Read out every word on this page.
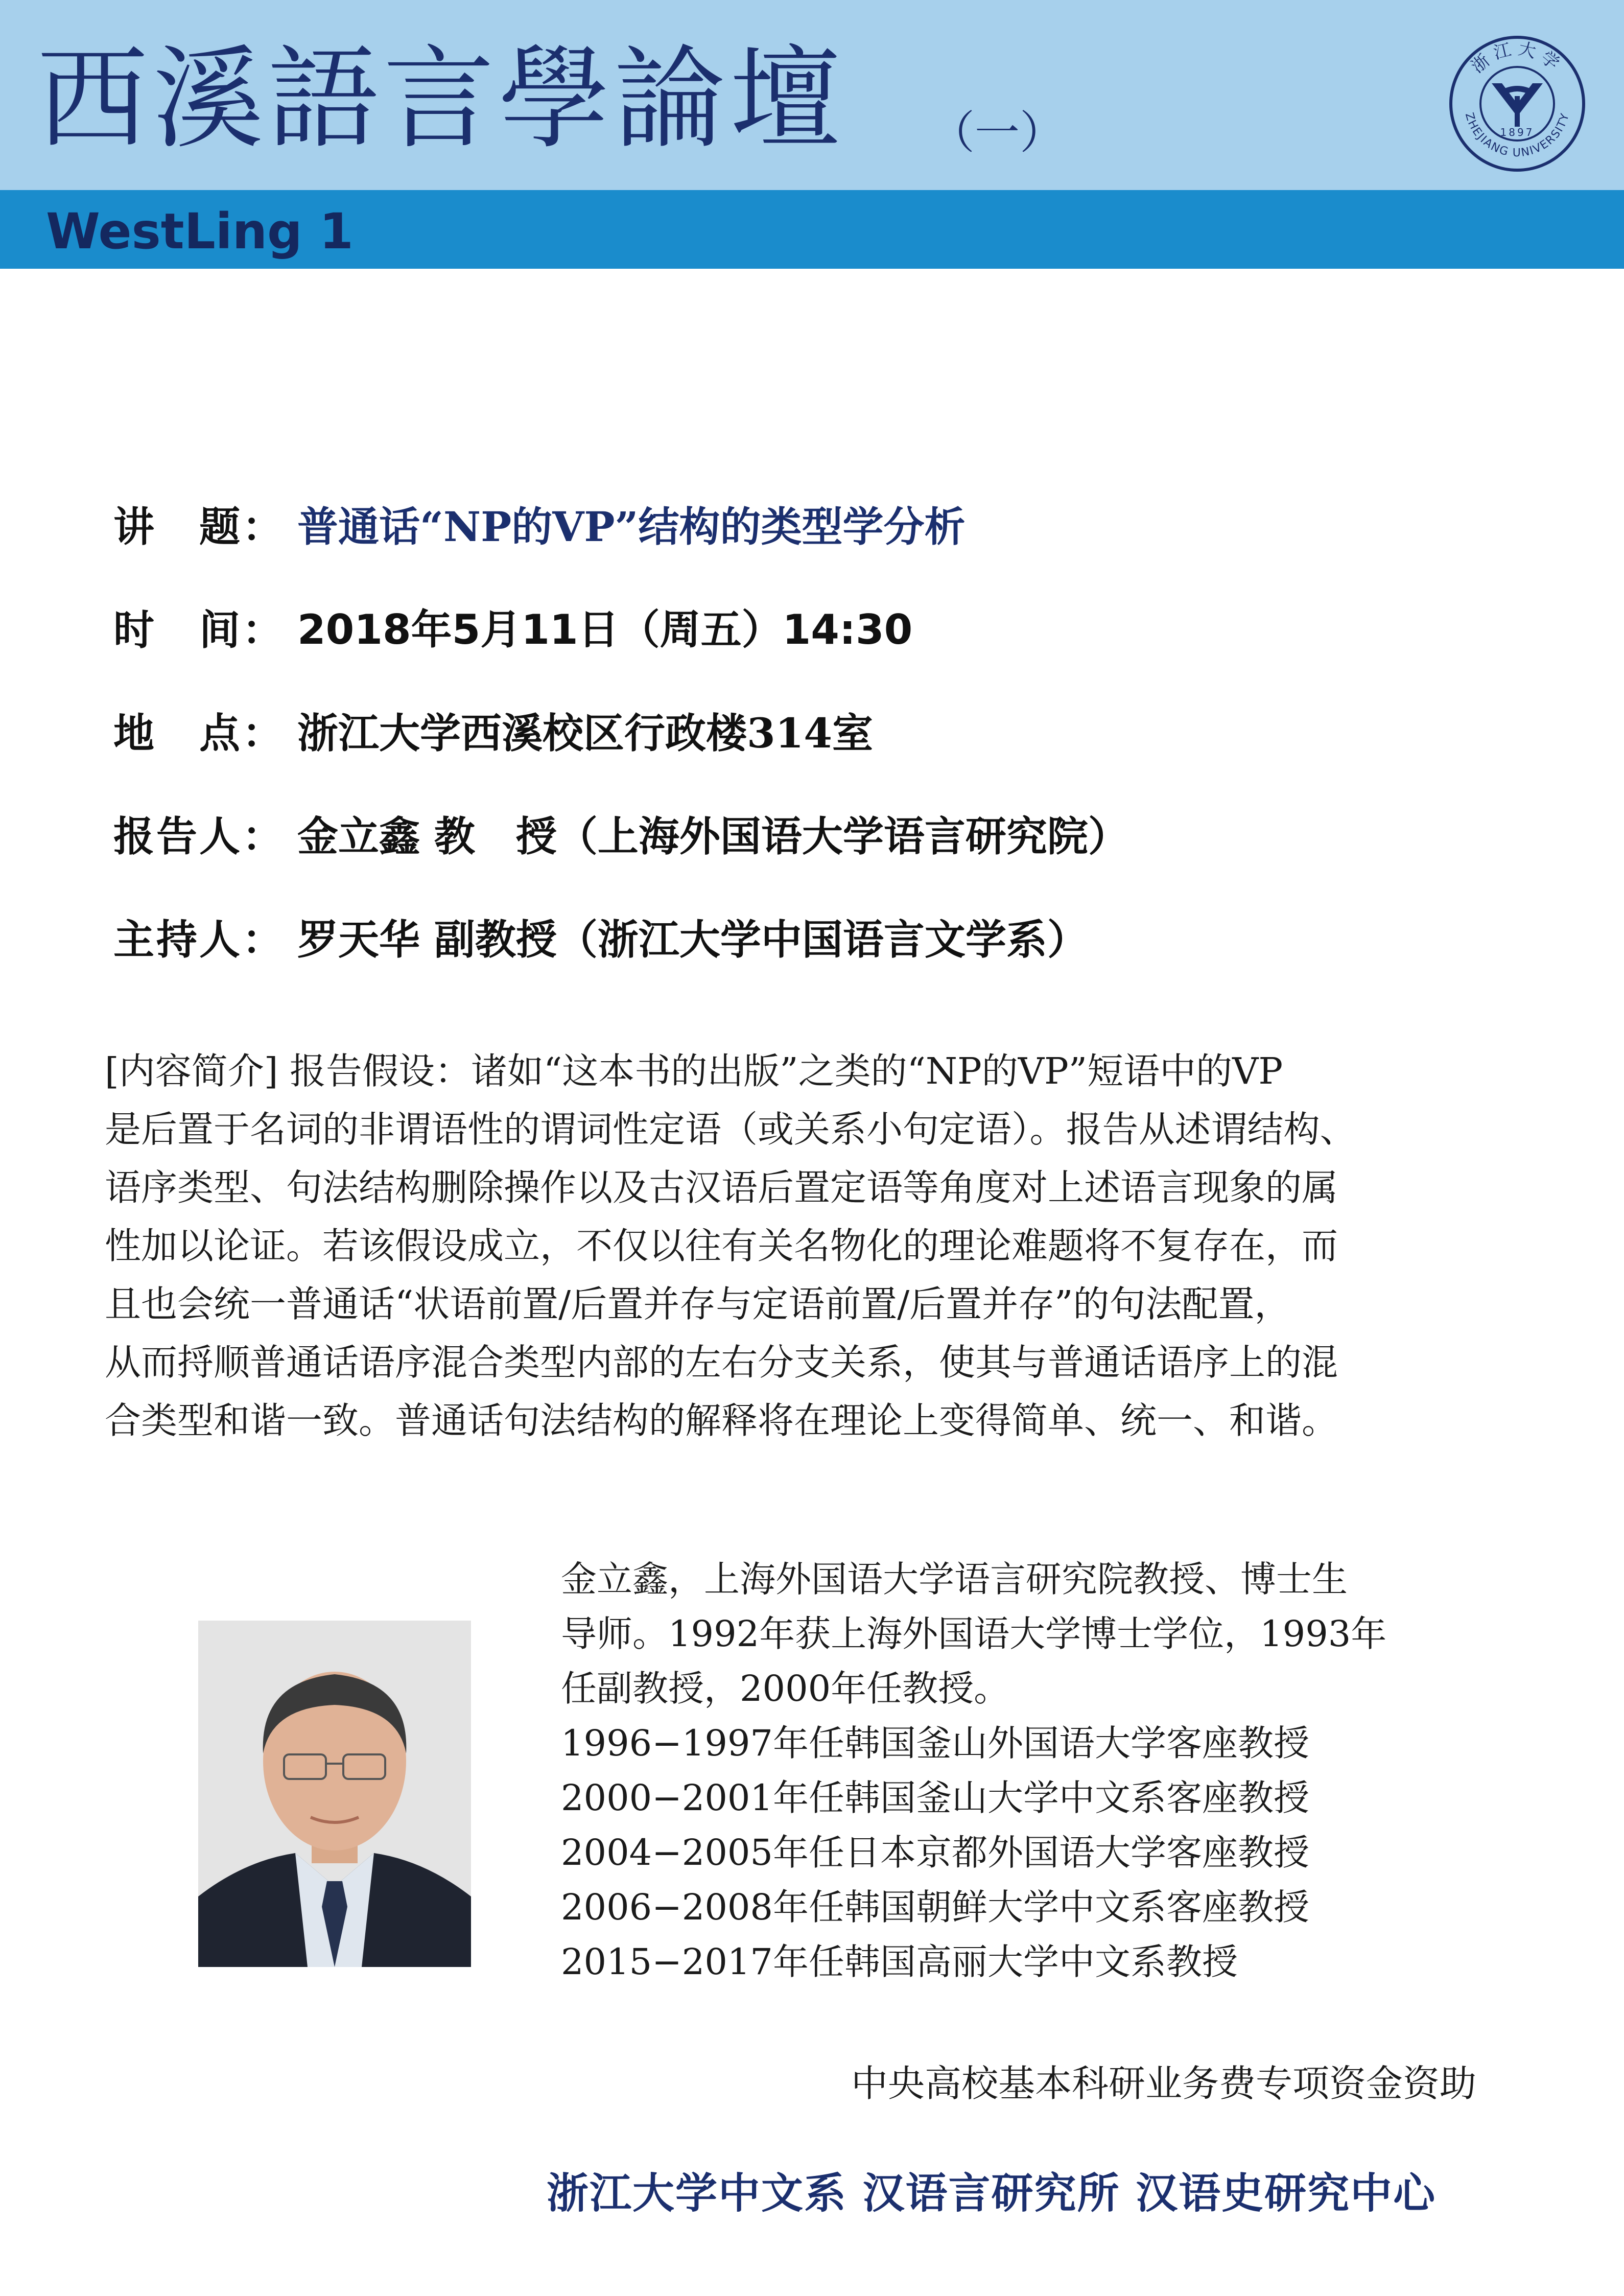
西溪語言學論壇 （一）
浙江大学
ZHEJIANG UNIVERSITY
1897
WestLing 1
讲　题： 普通话“NP的VP”结构的类型学分析
时　间： 2018年5月11日（周五）14:30
地　点： 浙江大学西溪校区行政楼314室
报告人： 金立鑫 教　授（上海外国语大学语言研究院）
主持人： 罗天华 副教授（浙江大学中国语言文学系）
[内容简介] 报告假设：诸如“这本书的出版”之类的“NP的VP”短语中的VP
是后置于名词的非谓语性的谓词性定语（或关系小句定语）。报告从述谓结构、
语序类型、句法结构删除操作以及古汉语后置定语等角度对上述语言现象的属
性加以论证。若该假设成立，不仅以往有关名物化的理论难题将不复存在，而
且也会统一普通话“状语前置/后置并存与定语前置/后置并存”的句法配置，
从而捋顺普通话语序混合类型内部的左右分支关系，使其与普通话语序上的混
合类型和谐一致。普通话句法结构的解释将在理论上变得简单、统一、和谐。
金立鑫，上海外国语大学语言研究院教授、博士生
导师。1992年获上海外国语大学博士学位，1993年
任副教授，2000年任教授。
1996−1997年任韩国釜山外国语大学客座教授
2000−2001年任韩国釜山大学中文系客座教授
2004−2005年任日本京都外国语大学客座教授
2006−2008年任韩国朝鲜大学中文系客座教授
2015−2017年任韩国高丽大学中文系教授
中央高校基本科研业务费专项资金资助
浙江大学中文系 汉语言研究所 汉语史研究中心
